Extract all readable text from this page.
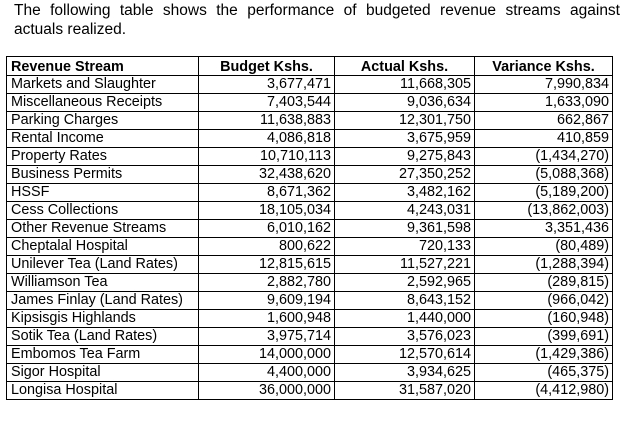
The following table shows the performance of budgeted revenue streams against actuals realized.

Revenue Stream	Budget Kshs.	Actual Kshs.	Variance Kshs.
Markets and Slaughter	3,677,471	11,668,305	7,990,834
Miscellaneous Receipts	7,403,544	9,036,634	1,633,090
Parking Charges	11,638,883	12,301,750	662,867
Rental Income	4,086,818	3,675,959	410,859
Property Rates	10,710,113	9,275,843	(1,434,270)
Business Permits	32,438,620	27,350,252	(5,088,368)
HSSF	8,671,362	3,482,162	(5,189,200)
Cess Collections	18,105,034	4,243,031	(13,862,003)
Other Revenue Streams	6,010,162	9,361,598	3,351,436
Cheptalal Hospital	800,622	720,133	(80,489)
Unilever Tea (Land Rates)	12,815,615	11,527,221	(1,288,394)
Williamson Tea	2,882,780	2,592,965	(289,815)
James Finlay (Land Rates)	9,609,194	8,643,152	(966,042)
Kipsisgis Highlands	1,600,948	1,440,000	(160,948)
Sotik Tea (Land Rates)	3,975,714	3,576,023	(399,691)
Embomos Tea Farm	14,000,000	12,570,614	(1,429,386)
Sigor Hospital	4,400,000	3,934,625	(465,375)
Longisa Hospital	36,000,000	31,587,020	(4,412,980)
